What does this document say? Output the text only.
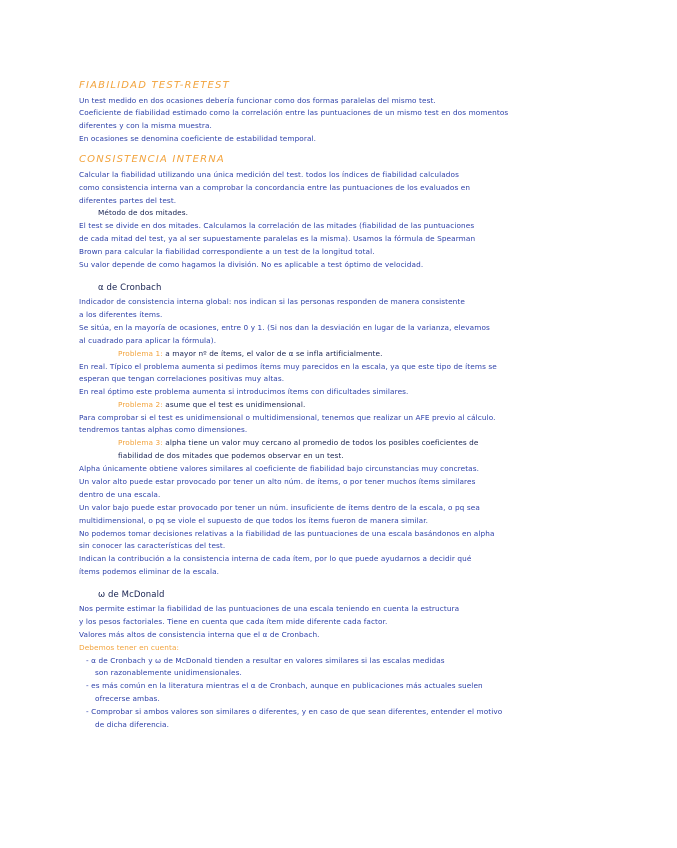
FIABILIDAD TEST-RETEST
Un test medido en dos ocasiones debería funcionar como dos formas paralelas del mismo test.
Coeficiente de fiabilidad estimado como la correlación entre las puntuaciones de un mismo test en dos momentos
diferentes y con la misma muestra.
En ocasiones se denomina coeficiente de estabilidad temporal.
CONSISTENCIA INTERNA
Calcular la fiabilidad utilizando una única medición del test. todos los índices de fiabilidad calculados
como consistencia interna van a comprobar la concordancia entre las puntuaciones de los evaluados en
diferentes partes del test.
Método de dos mitades.
El test se divide en dos mitades. Calculamos la correlación de las mitades (fiabilidad de las puntuaciones
de cada mitad del test, ya al ser supuestamente paralelas es la misma). Usamos la fórmula de Spearman
Brown para calcular la fiabilidad correspondiente a un test de la longitud total.
Su valor depende de como hagamos la división. No es aplicable a test óptimo de velocidad.
α de Cronbach
Indicador de consistencia interna global: nos indican si las personas responden de manera consistente
a los diferentes ítems.
Se sitúa, en la mayoría de ocasiones, entre 0 y 1. (Si nos dan la desviación en lugar de la varianza, elevamos
al cuadrado para aplicar la fórmula).
Problema 1: a mayor nº de ítems, el valor de α se infla artificialmente.
En real. Típico el problema aumenta si pedimos ítems muy parecidos en la escala, ya que este tipo de ítems se
esperan que tengan correlaciones positivas muy altas.
En real óptimo este problema aumenta si introducimos ítems con dificultades similares.
Problema 2: asume que el test es unidimensional.
Para comprobar si el test es unidimensional o multidimensional, tenemos que realizar un AFE previo al cálculo.
tendremos tantas alphas como dimensiones.
Problema 3: alpha tiene un valor muy cercano al promedio de todos los posibles coeficientes de
fiabilidad de dos mitades que podemos observar en un test.
Alpha únicamente obtiene valores similares al coeficiente de fiabilidad bajo circunstancias muy concretas.
Un valor alto puede estar provocado por tener un alto núm. de ítems, o por tener muchos ítems similares
dentro de una escala.
Un valor bajo puede estar provocado por tener un núm. insuficiente de ítems dentro de la escala, o pq sea
multidimensional, o pq se viole el supuesto de que todos los ítems fueron de manera similar.
No podemos tomar decisiones relativas a la fiabilidad de las puntuaciones de una escala basándonos en alpha
sin conocer las características del test.
Indican la contribución a la consistencia interna de cada ítem, por lo que puede ayudarnos a decidir qué
ítems podemos eliminar de la escala.
ω de McDonald
Nos permite estimar la fiabilidad de las puntuaciones de una escala teniendo en cuenta la estructura
y los pesos factoriales. Tiene en cuenta que cada ítem mide diferente cada factor.
Valores más altos de consistencia interna que el α de Cronbach.
Debemos tener en cuenta:
- α de Cronbach y ω de McDonald tienden a resultar en valores similares si las escalas medidas
son razonablemente unidimensionales.
- es más común en la literatura mientras el α de Cronbach, aunque en publicaciones más actuales suelen
ofrecerse ambas.
- Comprobar si ambos valores son similares o diferentes, y en caso de que sean diferentes, entender el motivo
de dicha diferencia.
